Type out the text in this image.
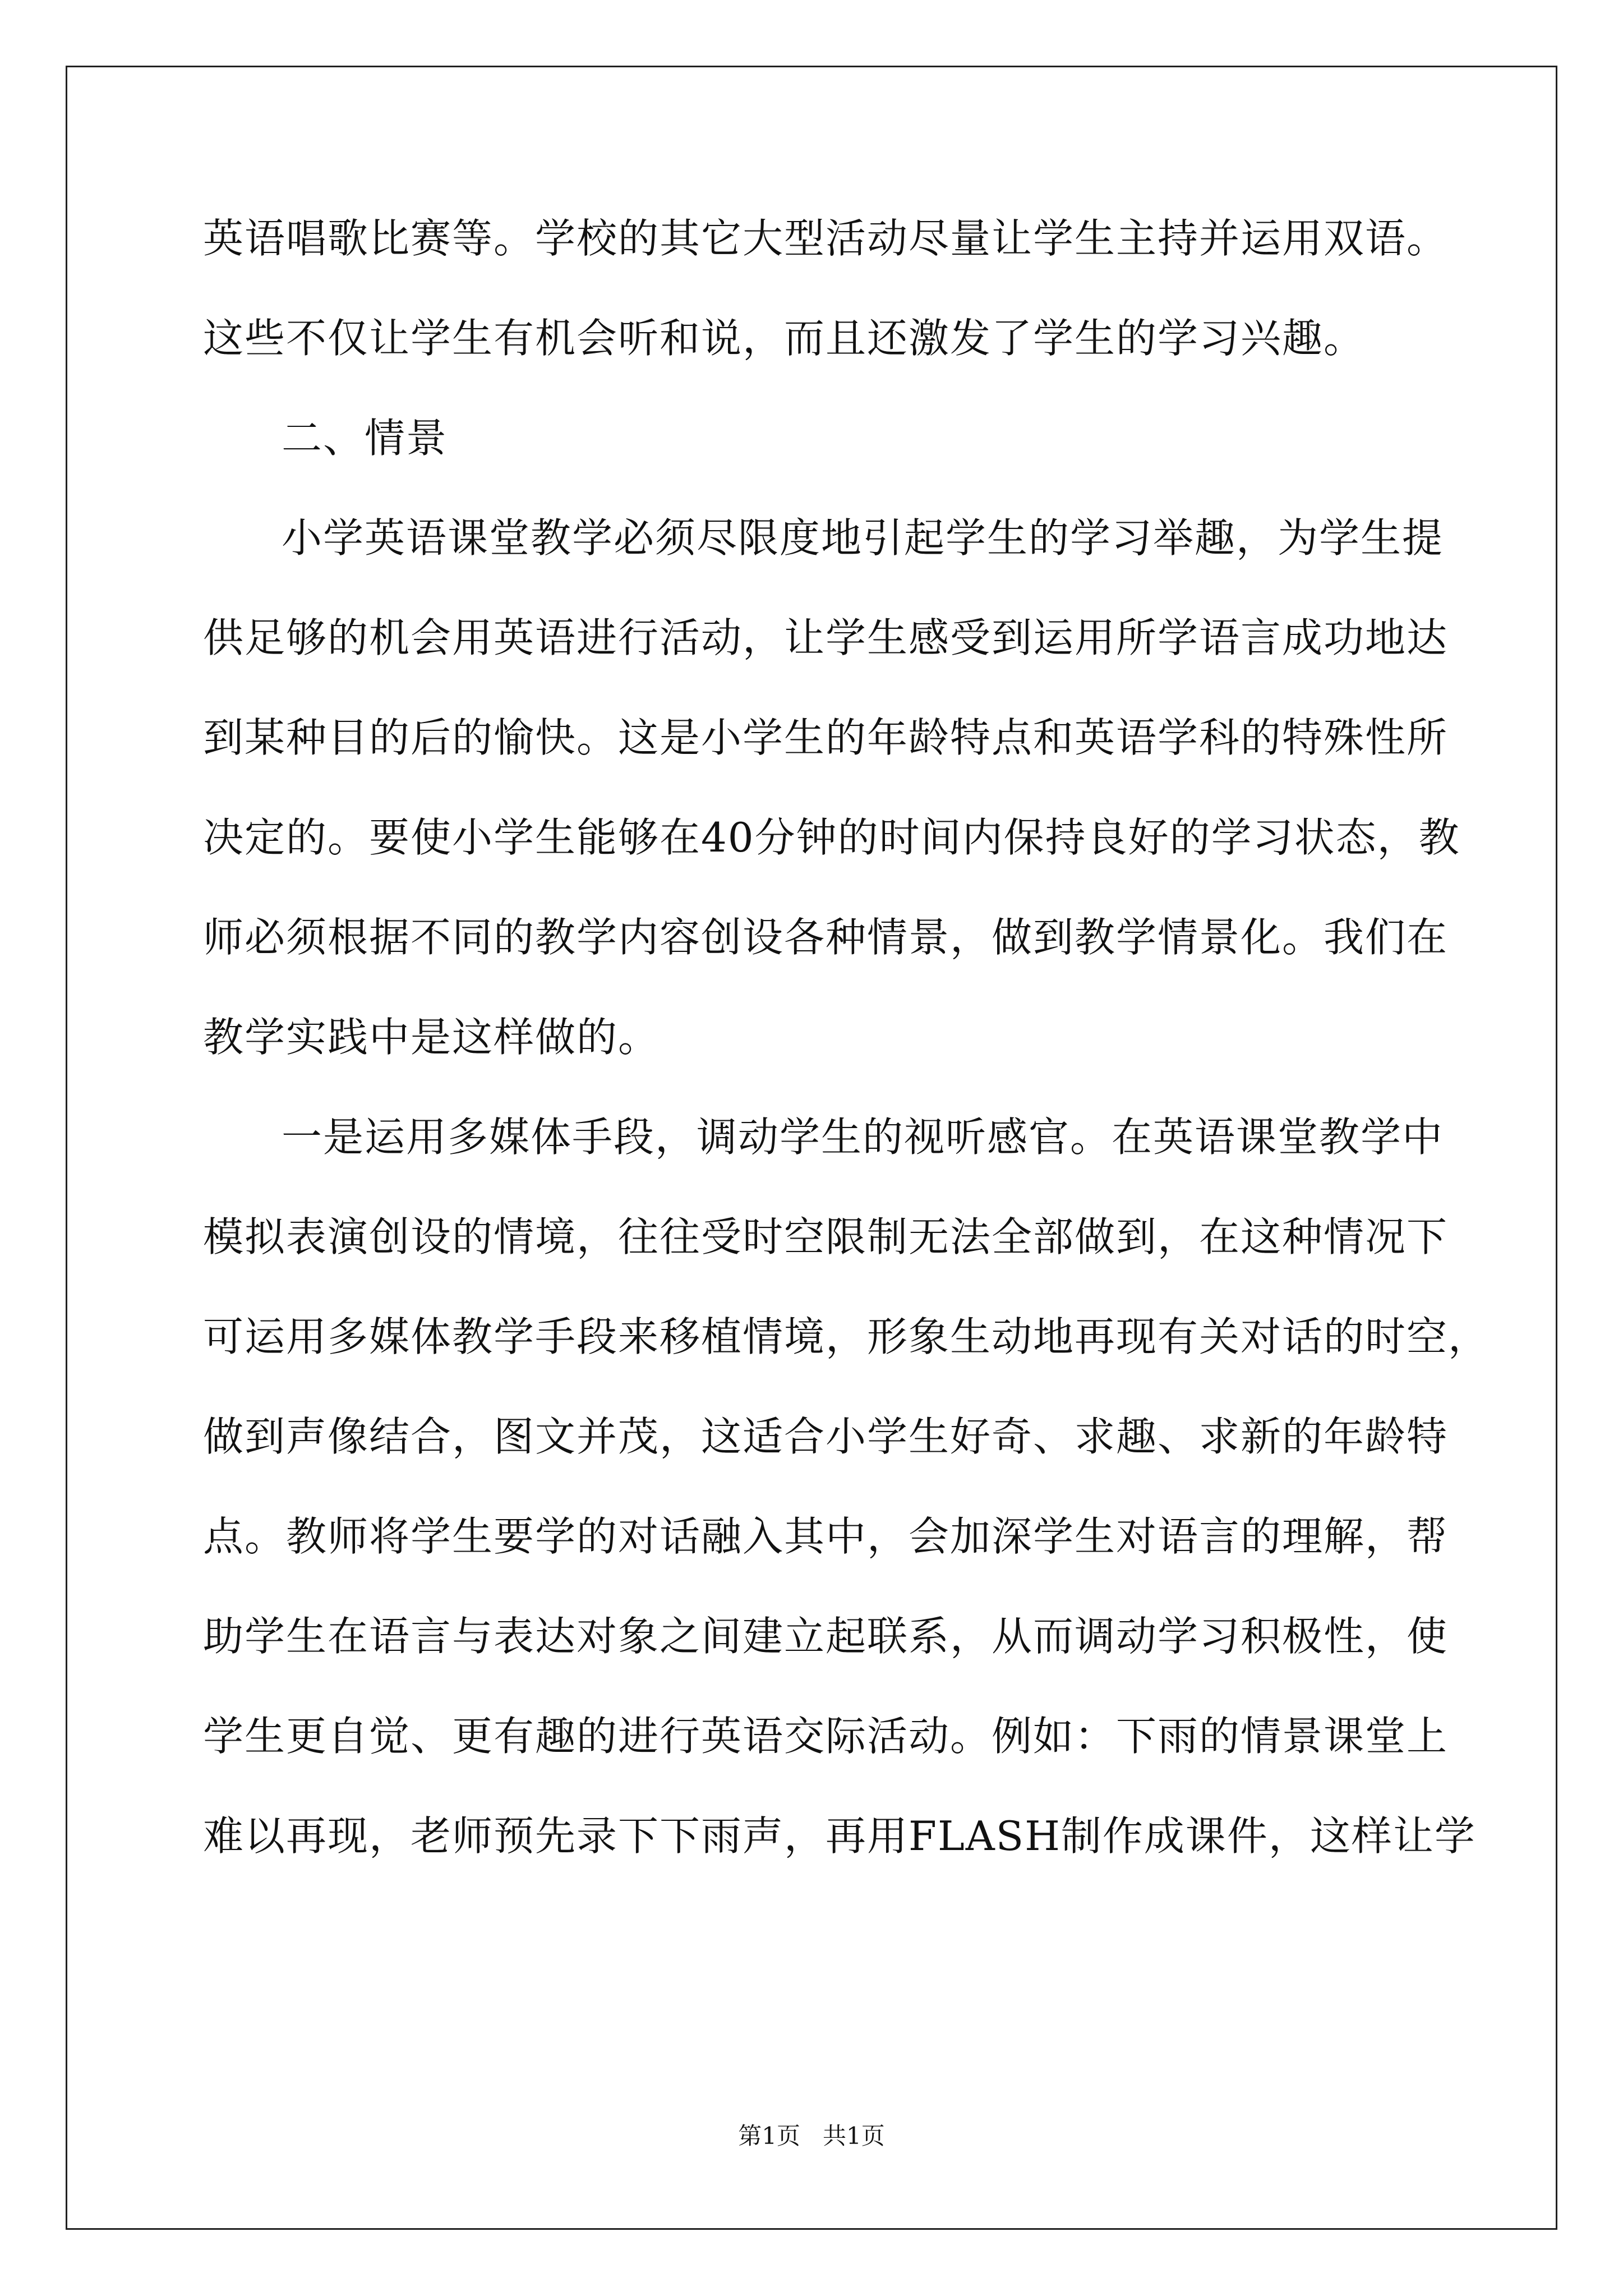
英语唱歌比赛等。学校的其它大型活动尽量让学生主持并运用双语。
这些不仅让学生有机会听和说，而且还激发了学生的学习兴趣。
二、情景
小学英语课堂教学必须尽限度地引起学生的学习举趣，为学生提
供足够的机会用英语进行活动，让学生感受到运用所学语言成功地达
到某种目的后的愉快。这是小学生的年龄特点和英语学科的特殊性所
决定的。要使小学生能够在40分钟的时间内保持良好的学习状态，教
师必须根据不同的教学内容创设各种情景，做到教学情景化。我们在
教学实践中是这样做的。
一是运用多媒体手段，调动学生的视听感官。在英语课堂教学中
模拟表演创设的情境，往往受时空限制无法全部做到，在这种情况下
可运用多媒体教学手段来移植情境，形象生动地再现有关对话的时空，
做到声像结合，图文并茂，这适合小学生好奇、求趣、求新的年龄特
点。教师将学生要学的对话融入其中，会加深学生对语言的理解，帮
助学生在语言与表达对象之间建立起联系，从而调动学习积极性，使
学生更自觉、更有趣的进行英语交际活动。例如：下雨的情景课堂上
难以再现，老师预先录下下雨声，再用FLASH制作成课件，这样让学
第1页   共1页
